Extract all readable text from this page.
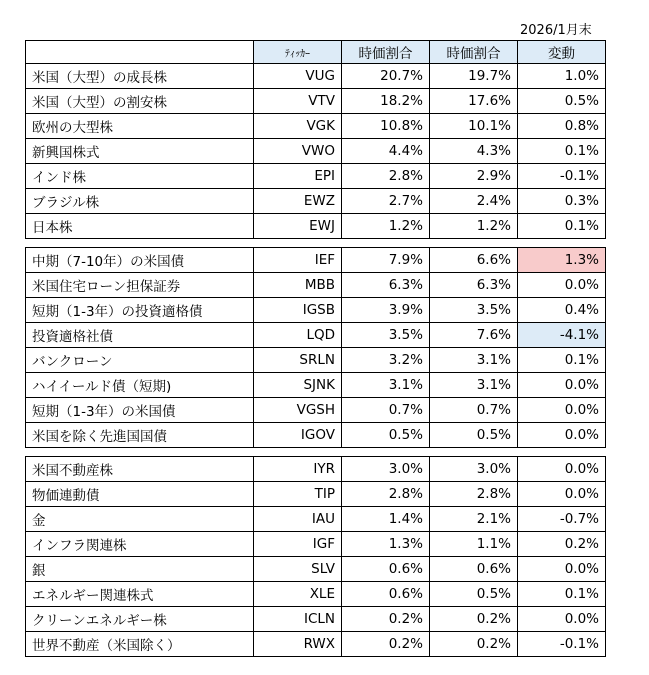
2026/1月末
	ﾃｨｯｶｰ	時価割合	時価割合	変動
米国（大型）の成長株	VUG	20.7%	19.7%	1.0%
米国（大型）の割安株	VTV	18.2%	17.6%	0.5%
欧州の大型株	VGK	10.8%	10.1%	0.8%
新興国株式	VWO	4.4%	4.3%	0.1%
インド株	EPI	2.8%	2.9%	-0.1%
ブラジル株	EWZ	2.7%	2.4%	0.3%
日本株	EWJ	1.2%	1.2%	0.1%

中期（7-10年）の米国債	IEF	7.9%	6.6%	1.3%
米国住宅ローン担保証券	MBB	6.3%	6.3%	0.0%
短期（1-3年）の投資適格債	IGSB	3.9%	3.5%	0.4%
投資適格社債	LQD	3.5%	7.6%	-4.1%
バンクローン	SRLN	3.2%	3.1%	0.1%
ハイイールド債（短期)	SJNK	3.1%	3.1%	0.0%
短期（1-3年）の米国債	VGSH	0.7%	0.7%	0.0%
米国を除く先進国国債	IGOV	0.5%	0.5%	0.0%

米国不動産株	IYR	3.0%	3.0%	0.0%
物価連動債	TIP	2.8%	2.8%	0.0%
金	IAU	1.4%	2.1%	-0.7%
インフラ関連株	IGF	1.3%	1.1%	0.2%
銀	SLV	0.6%	0.6%	0.0%
エネルギー関連株式	XLE	0.6%	0.5%	0.1%
クリーンエネルギー株	ICLN	0.2%	0.2%	0.0%
世界不動産（米国除く）	RWX	0.2%	0.2%	-0.1%
